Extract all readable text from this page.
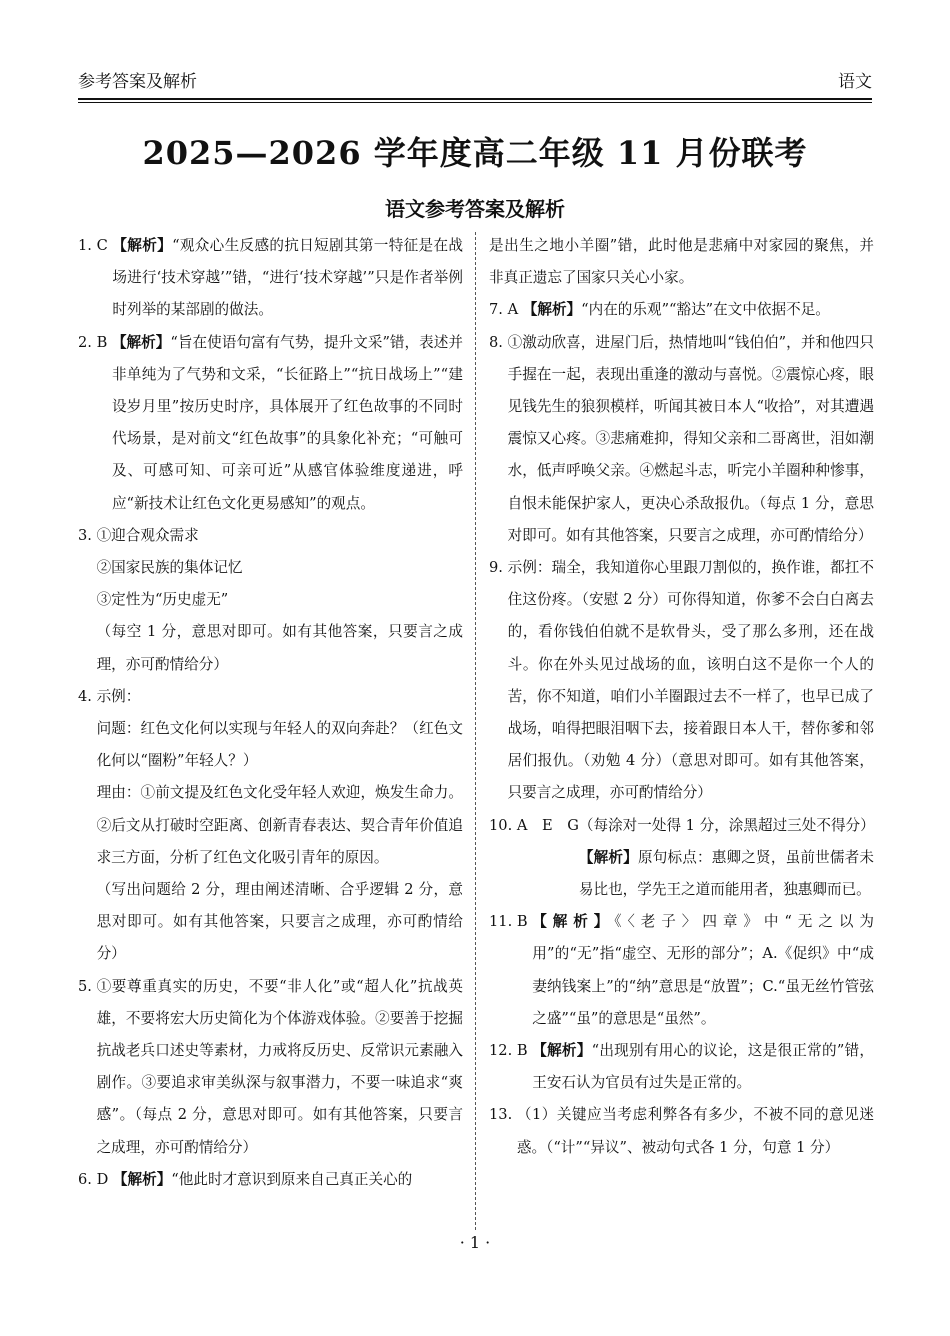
参考答案及解析	语文
2025—2026 学年度高二年级 11 月份联考
语文参考答案及解析
1. C 【解析】“观众心生反感的抗日短剧其第一特征是在战场进行‘技术穿越’”错，“进行‘技术穿越’”只是作者举例时列举的某部剧的做法。

2. B 【解析】“旨在使语句富有气势，提升文采”错，表述并非单纯为了气势和文采，“长征路上”“抗日战场上”“建设岁月里”按历史时序，具体展开了红色故事的不同时代场景，是对前文“红色故事”的具象化补充；“可触可及、可感可知、可亲可近”从感官体验维度递进，呼应“新技术让红色文化更易感知”的观点。

3. ①迎合观众需求

②国家民族的集体记忆

③定性为“历史虚无”

（每空 1 分，意思对即可。如有其他答案，只要言之成理，亦可酌情给分）

4. 示例：

问题：红色文化何以实现与年轻人的双向奔赴？（红色文化何以“圈粉”年轻人？）

理由：①前文提及红色文化受年轻人欢迎，焕发生命力。②后文从打破时空距离、创新青春表达、契合青年价值追求三方面，分析了红色文化吸引青年的原因。

（写出问题给 2 分，理由阐述清晰、合乎逻辑 2 分，意思对即可。如有其他答案，只要言之成理，亦可酌情给分）

5. ①要尊重真实的历史，不要“非人化”或“超人化”抗战英雄，不要将宏大历史简化为个体游戏体验。②要善于挖掘抗战老兵口述史等素材，力戒将反历史、反常识元素融入剧作。③要追求审美纵深与叙事潜力，不要一味追求“爽感”。（每点 2 分，意思对即可。如有其他答案，只要言之成理，亦可酌情给分）

6. D 【解析】“他此时才意识到原来自己真正关心的

是出生之地小羊圈”错，此时他是悲痛中对家园的聚焦，并非真正遗忘了国家只关心小家。

7. A 【解析】“内在的乐观”“豁达”在文中依据不足。

8. ①激动欣喜，进屋门后，热情地叫“钱伯伯”，并和他四只手握在一起，表现出重逢的激动与喜悦。②震惊心疼，眼见钱先生的狼狈模样，听闻其被日本人“收拾”，对其遭遇震惊又心疼。③悲痛难抑，得知父亲和二哥离世，泪如潮水，低声呼唤父亲。④燃起斗志，听完小羊圈种种惨事，自恨未能保护家人，更决心杀敌报仇。（每点 1 分，意思对即可。如有其他答案，只要言之成理，亦可酌情给分）

9. 示例：瑞全，我知道你心里跟刀割似的，换作谁，都扛不住这份疼。（安慰 2 分）可你得知道，你爹不会白白离去的，看你钱伯伯就不是软骨头，受了那么多刑，还在战斗。你在外头见过战场的血，该明白这不是你一个人的苦，你不知道，咱们小羊圈跟过去不一样了，也早已成了战场，咱得把眼泪咽下去，接着跟日本人干，替你爹和邻居们报仇。（劝勉 4 分）（意思对即可。如有其他答案，只要言之成理，亦可酌情给分）

10. A　E　G （每涂对一处得 1 分，涂黑超过三处不得分）

【解析】原句标点：惠卿之贤，虽前世儒者未易比也，学先王之道而能用者，独惠卿而已。

11. B 【解析】《〈老子〉四章》中“无之以为用”的“无”指“虚空、无形的部分”；A.《促织》中“成妻纳钱案上”的“纳”意思是“放置”；C.“虽无丝竹管弦之盛”“虽”的意思是“虽然”。

12. B 【解析】“出现别有用心的议论，这是很正常的”错，王安石认为官员有过失是正常的。

13. （1）关键应当考虑利弊各有多少，不被不同的意见迷惑。（“计”“异议”、被动句式各 1 分，句意 1 分）

· 1 ·
